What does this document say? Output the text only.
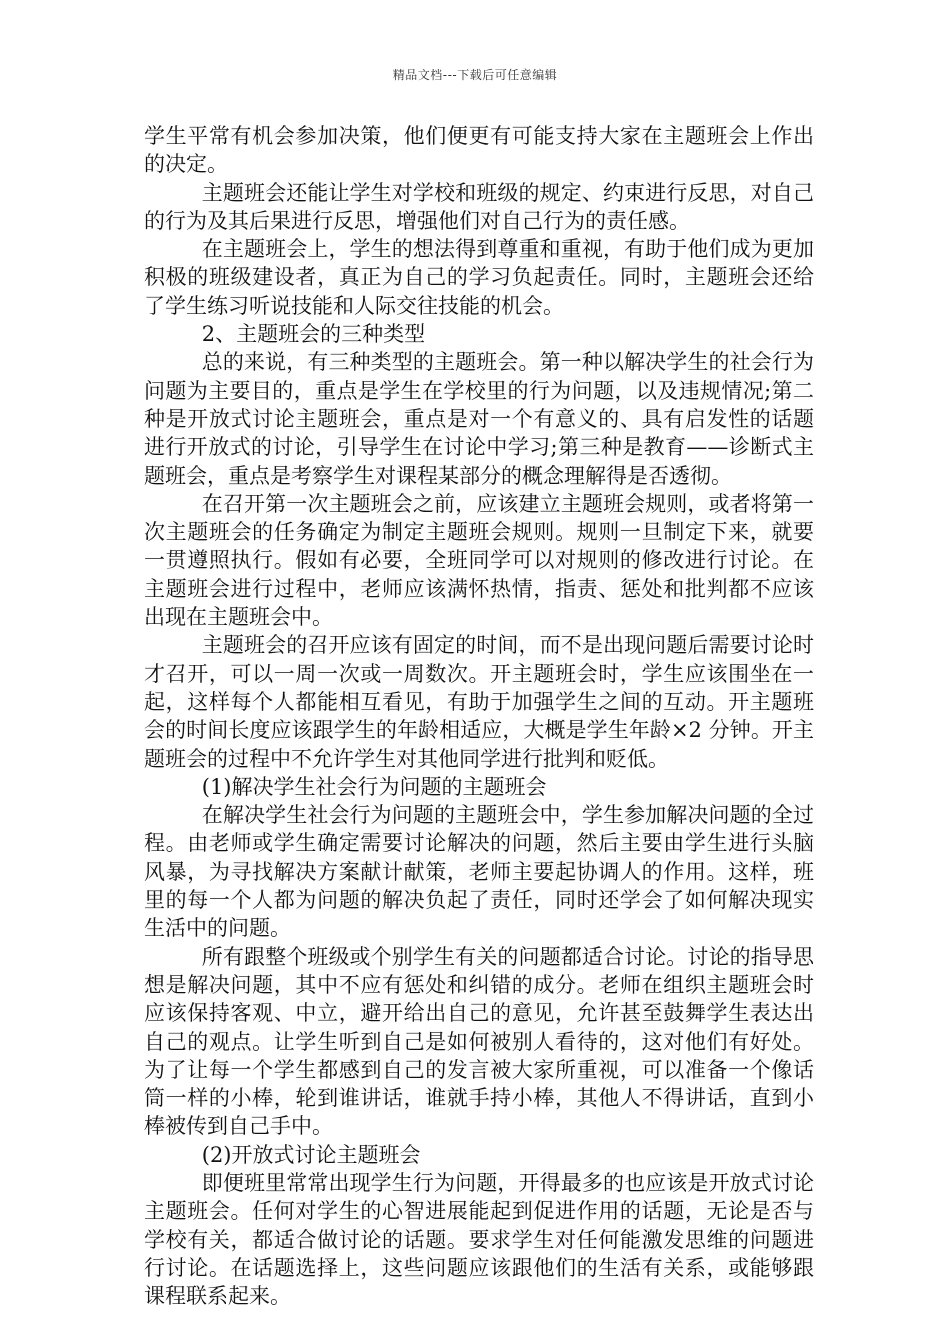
精品文档---下载后可任意编辑

学生平常有机会参加决策，他们便更有可能支持大家在主题班会上作出的决定。

主题班会还能让学生对学校和班级的规定、约束进行反思，对自己的行为及其后果进行反思，增强他们对自己行为的责任感。

在主题班会上，学生的想法得到尊重和重视，有助于他们成为更加积极的班级建设者，真正为自己的学习负起责任。同时，主题班会还给了学生练习听说技能和人际交往技能的机会。

2、主题班会的三种类型

总的来说，有三种类型的主题班会。第一种以解决学生的社会行为问题为主要目的，重点是学生在学校里的行为问题，以及违规情况;第二种是开放式讨论主题班会，重点是对一个有意义的、具有启发性的话题进行开放式的讨论，引导学生在讨论中学习;第三种是教育——诊断式主题班会，重点是考察学生对课程某部分的概念理解得是否透彻。

在召开第一次主题班会之前，应该建立主题班会规则，或者将第一次主题班会的任务确定为制定主题班会规则。规则一旦制定下来，就要一贯遵照执行。假如有必要，全班同学可以对规则的修改进行讨论。在主题班会进行过程中，老师应该满怀热情，指责、惩处和批判都不应该出现在主题班会中。

主题班会的召开应该有固定的时间，而不是出现问题后需要讨论时才召开，可以一周一次或一周数次。开主题班会时，学生应该围坐在一起，这样每个人都能相互看见，有助于加强学生之间的互动。开主题班会的时间长度应该跟学生的年龄相适应，大概是学生年龄×2 分钟。开主题班会的过程中不允许学生对其他同学进行批判和贬低。

(1)解决学生社会行为问题的主题班会

在解决学生社会行为问题的主题班会中，学生参加解决问题的全过程。由老师或学生确定需要讨论解决的问题，然后主要由学生进行头脑风暴，为寻找解决方案献计献策，老师主要起协调人的作用。这样，班里的每一个人都为问题的解决负起了责任，同时还学会了如何解决现实生活中的问题。

所有跟整个班级或个别学生有关的问题都适合讨论。讨论的指导思想是解决问题，其中不应有惩处和纠错的成分。老师在组织主题班会时应该保持客观、中立，避开给出自己的意见，允许甚至鼓舞学生表达出自己的观点。让学生听到自己是如何被别人看待的，这对他们有好处。为了让每一个学生都感到自己的发言被大家所重视，可以准备一个像话筒一样的小棒，轮到谁讲话，谁就手持小棒，其他人不得讲话，直到小棒被传到自己手中。

(2)开放式讨论主题班会

即便班里常常出现学生行为问题，开得最多的也应该是开放式讨论主题班会。任何对学生的心智进展能起到促进作用的话题，无论是否与学校有关，都适合做讨论的话题。要求学生对任何能激发思维的问题进行讨论。在话题选择上，这些问题应该跟他们的生活有关系，或能够跟课程联系起来。
